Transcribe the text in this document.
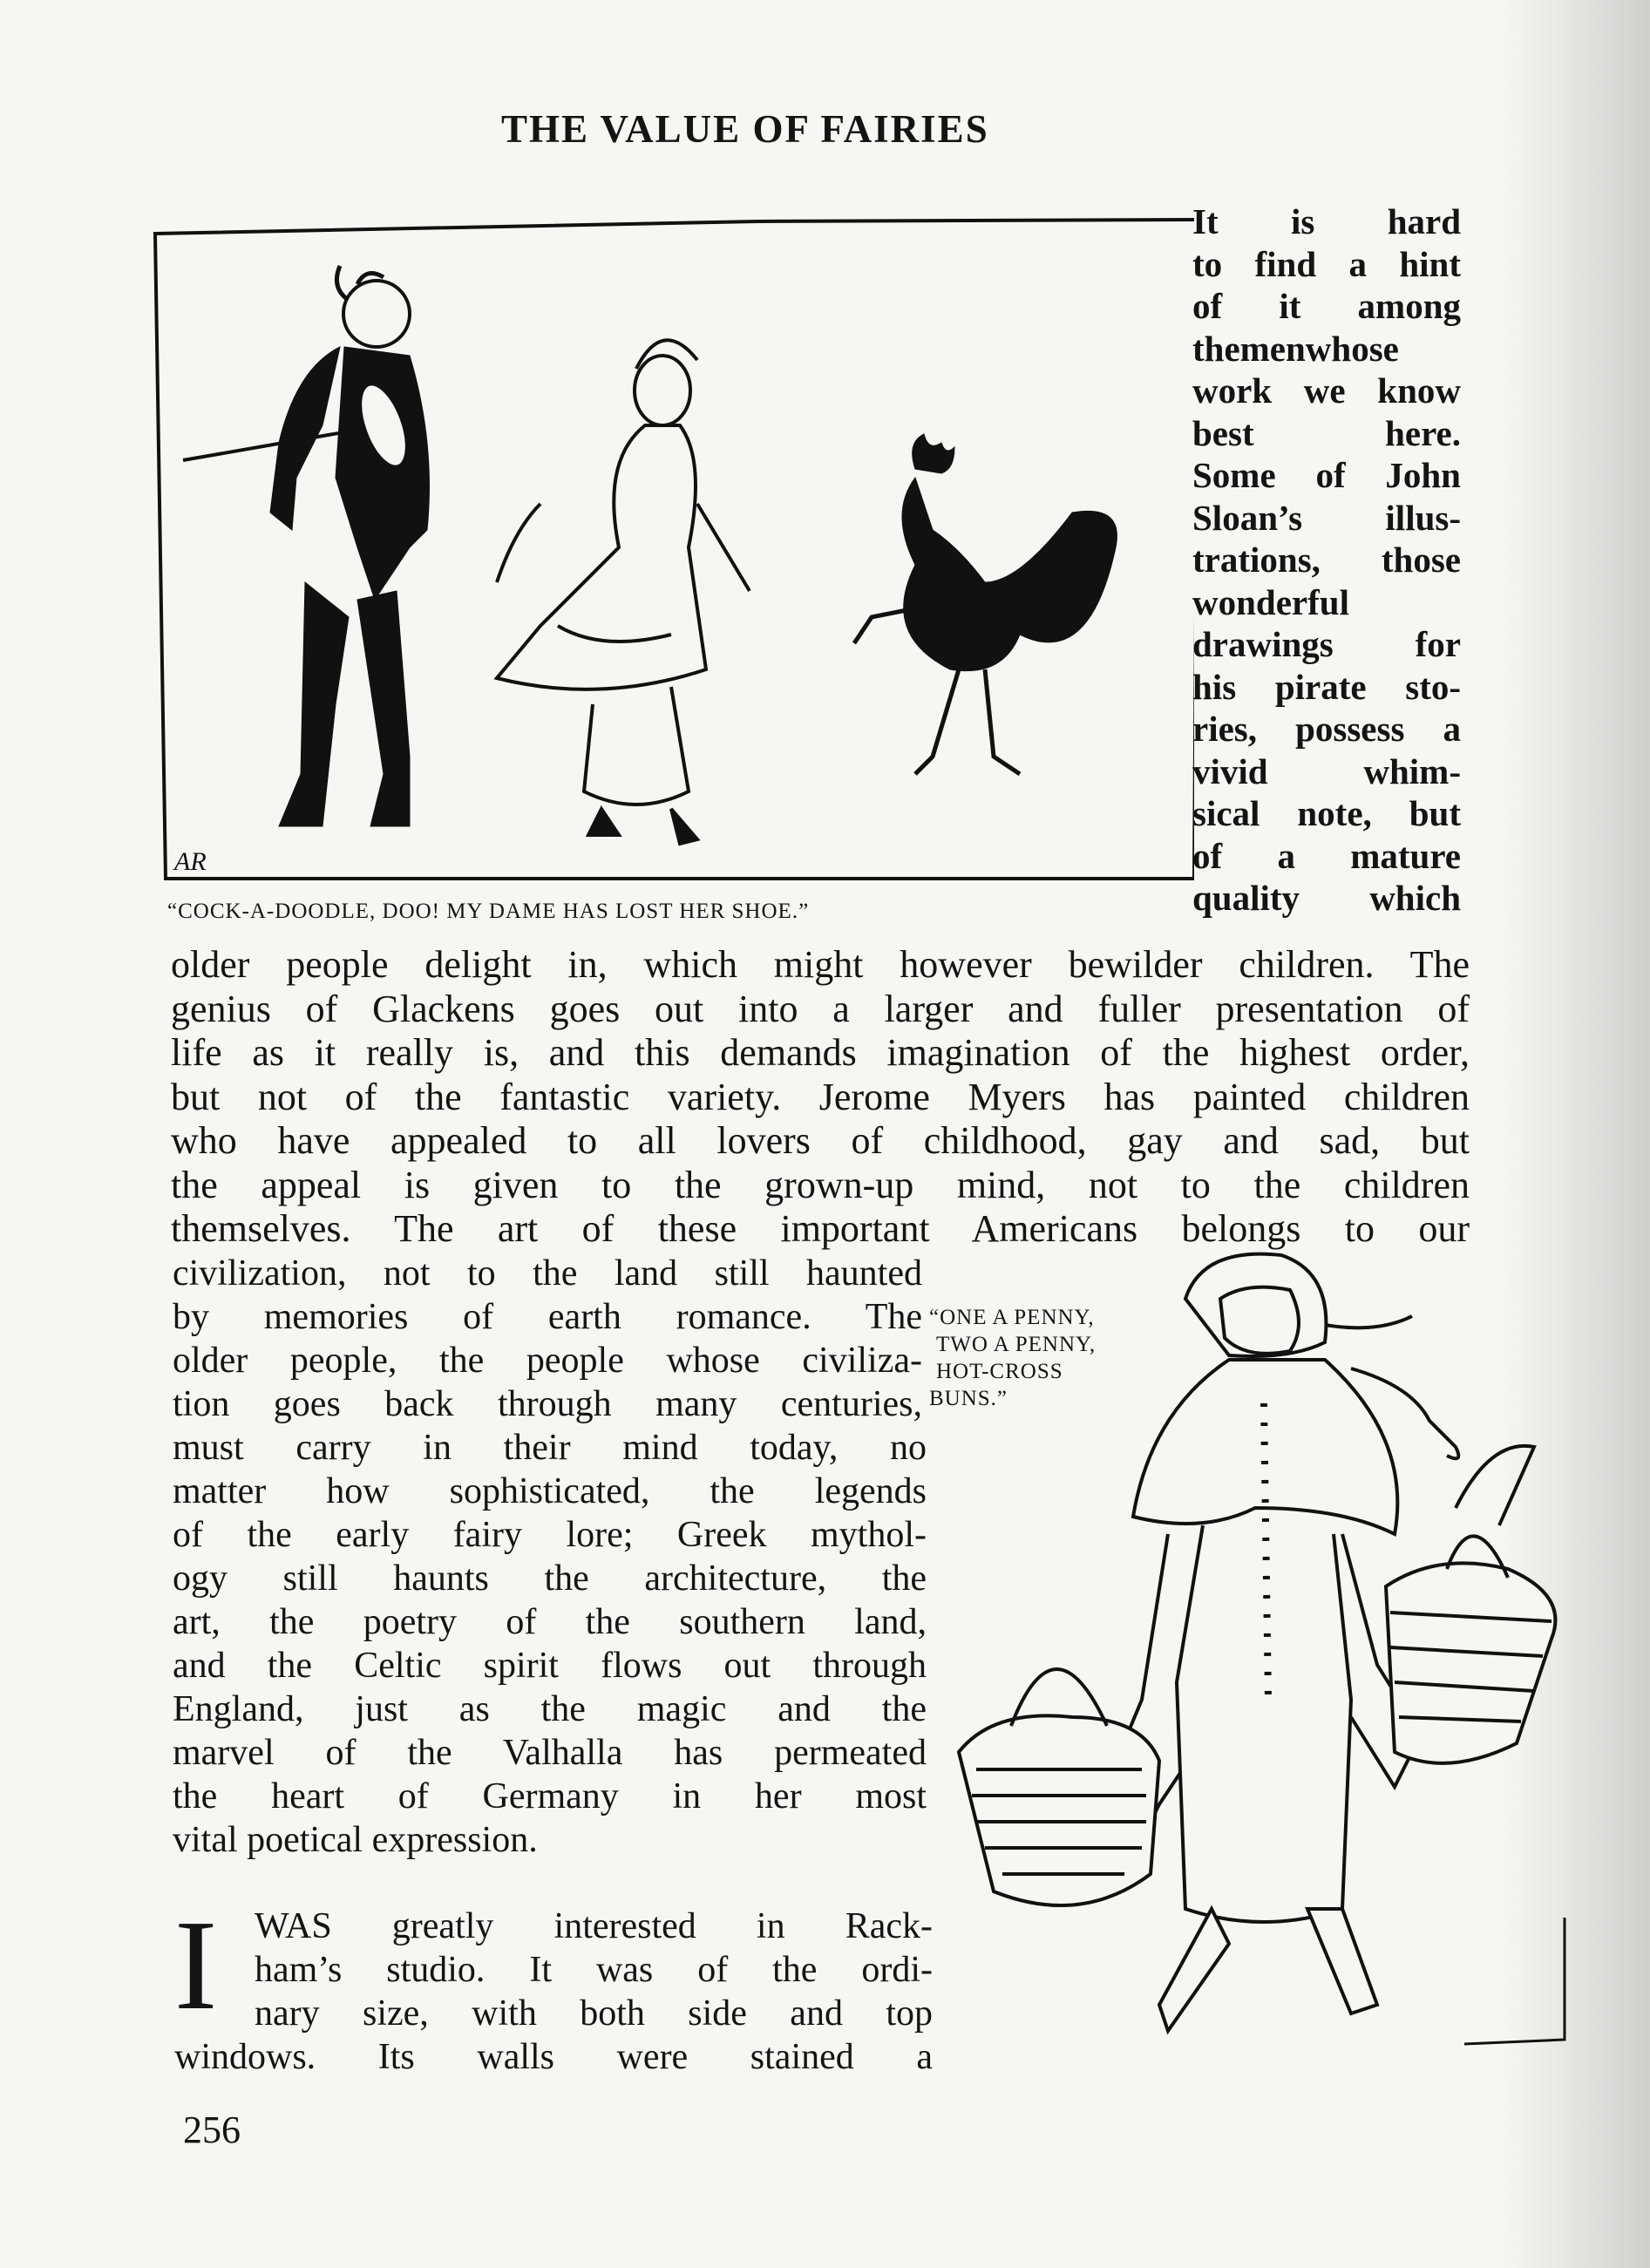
THE VALUE OF FAIRIES
AR
“COCK-A-DOODLE, DOO! MY DAME HAS LOST HER SHOE.”
It is hard
to find a hint
of it among
themenwhose
work we know
best here.
Some of John
Sloan’s illus-
trations, those
wonderful
drawings for
his pirate sto-
ries, possess a
vivid whim-
sical note, but
of a mature
quality which
older people delight in, which might however bewilder children. The
genius of Glackens goes out into a larger and fuller presentation of
life as it really is, and this demands imagination of the highest order,
but not of the fantastic variety. Jerome Myers has painted children
who have appealed to all lovers of childhood, gay and sad, but
the appeal is given to the grown-up mind, not to the children
themselves. The art of these important Americans belongs to our
civilization, not to the land still haunted
by memories of earth romance. The
older people, the people whose civiliza-
tion goes back through many centuries,
must carry in their mind today, no
matter how sophisticated, the legends
of the early fairy lore; Greek mythol-
ogy still haunts the architecture, the
art, the poetry of the southern land,
and the Celtic spirit flows out through
England, just as the magic and the
marvel of the Valhalla has permeated
the heart of Germany in her most
vital poetical expression.
“ONE A PENNY,
TWO A PENNY,
HOT-CROSS
BUNS.”
I WAS greatly interested in Rack-
ham’s studio. It was of the ordi-
nary size, with both side and top
windows. Its walls were stained a
256
